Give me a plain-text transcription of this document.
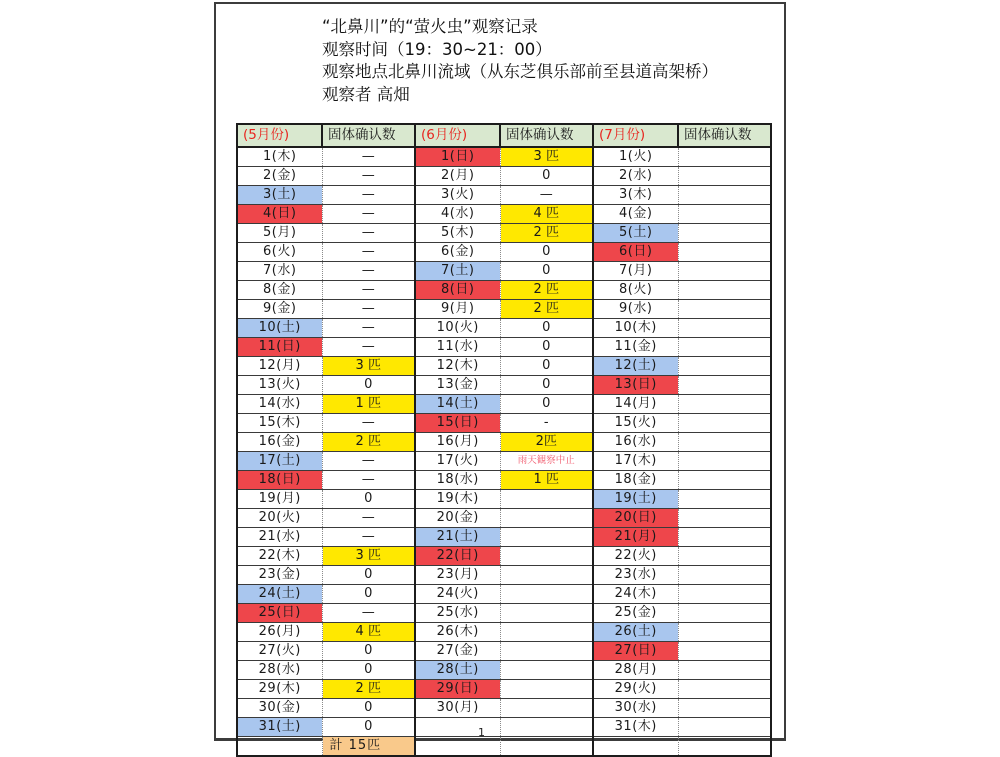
“北鼻川”的“萤火虫”观察记录
观察时间（19：30~21：00）
观察地点北鼻川流域（从东芝俱乐部前至县道高架桥）
观察者 高畑
(5月份)	固体确认数	(6月份)	固体确认数	(7月份)	固体确认数
1(木)	—	1(日)	3 匹	1(火)	
2(金)	—	2(月)	0	2(水)	
3(土)	—	3(火)	—	3(木)	
4(日)	—	4(水)	4 匹	4(金)	
5(月)	—	5(木)	2 匹	5(土)	
6(火)	—	6(金)	0	6(日)	
7(水)	—	7(土)	0	7(月)	
8(金)	—	8(日)	2 匹	8(火)	
9(金)	—	9(月)	2 匹	9(水)	
10(土)	—	10(火)	0	10(木)	
11(日)	—	11(水)	0	11(金)	
12(月)	3 匹	12(木)	0	12(土)	
13(火)	0	13(金)	0	13(日)	
14(水)	1 匹	14(土)	0	14(月)	
15(木)	—	15(日)	-	15(火)	
16(金)	2 匹	16(月)	2匹	16(水)	
17(土)	—	17(火)	雨天観察中止	17(木)	
18(日)	—	18(水)	1 匹	18(金)	
19(月)	0	19(木)		19(土)	
20(火)	—	20(金)		20(日)	
21(水)	—	21(土)		21(月)	
22(木)	3 匹	22(日)		22(火)	
23(金)	0	23(月)		23(水)	
24(土)	0	24(火)		24(木)	
25(日)	—	25(水)		25(金)	
26(月)	4 匹	26(木)		26(土)	
27(火)	0	27(金)		27(日)	
28(水)	0	28(土)		28(月)	
29(木)	2 匹	29(日)		29(火)	
30(金)	0	30(月)		30(水)	
31(土)	0			31(木)	
	計 15匹				
1
